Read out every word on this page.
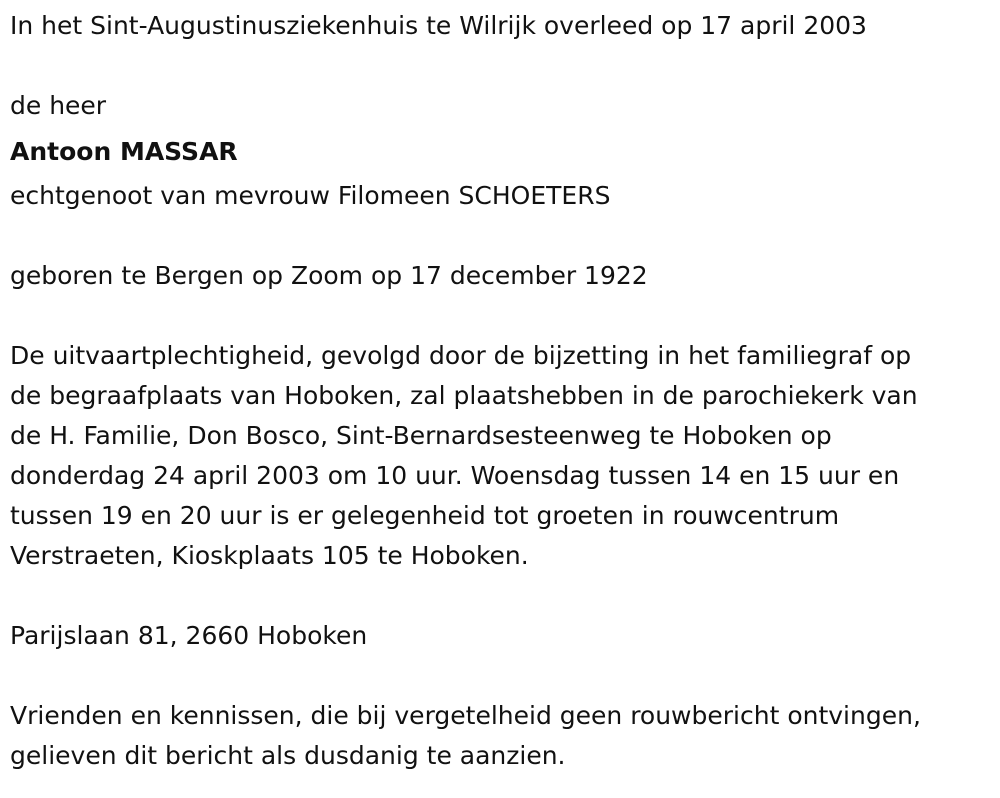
In het Sint-Augustinusziekenhuis te Wilrijk overleed op 17 april 2003

de heer

Antoon MASSAR

echtgenoot van mevrouw Filomeen SCHOETERS

geboren te Bergen op Zoom op 17 december 1922

De uitvaartplechtigheid, gevolgd door de bijzetting in het familiegraf op

de begraafplaats van Hoboken, zal plaatshebben in de parochiekerk van

de H. Familie, Don Bosco, Sint-Bernardsesteenweg te Hoboken op

donderdag 24 april 2003 om 10 uur. Woensdag tussen 14 en 15 uur en

tussen 19 en 20 uur is er gelegenheid tot groeten in rouwcentrum

Verstraeten, Kioskplaats 105 te Hoboken.

Parijslaan 81, 2660 Hoboken

Vrienden en kennissen, die bij vergetelheid geen rouwbericht ontvingen,

gelieven dit bericht als dusdanig te aanzien.
